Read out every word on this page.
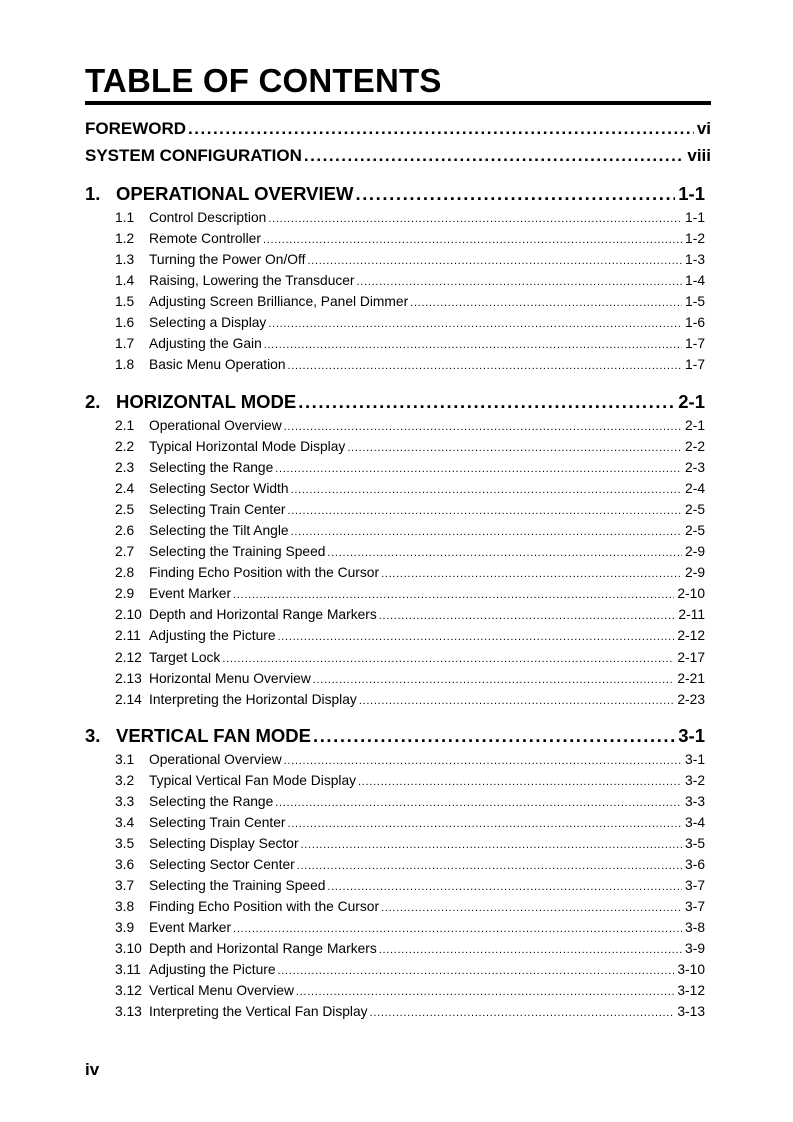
TABLE OF CONTENTS
FOREWORD .....	vi
SYSTEM CONFIGURATION .....	viii
1. OPERATIONAL OVERVIEW .....	1-1
1.1	Control Description .....	1-1
1.2	Remote Controller .....	1-2
1.3	Turning the Power On/Off .....	1-3
1.4	Raising, Lowering the Transducer .....	1-4
1.5	Adjusting Screen Brilliance, Panel Dimmer .....	1-5
1.6	Selecting a Display .....	1-6
1.7	Adjusting the Gain .....	1-7
1.8	Basic Menu Operation .....	1-7
2. HORIZONTAL MODE .....	2-1
2.1	Operational Overview .....	2-1
2.2	Typical Horizontal Mode Display .....	2-2
2.3	Selecting the Range .....	2-3
2.4	Selecting Sector Width .....	2-4
2.5	Selecting Train Center .....	2-5
2.6	Selecting the Tilt Angle .....	2-5
2.7	Selecting the Training Speed .....	2-9
2.8	Finding Echo Position with the Cursor .....	2-9
2.9	Event Marker .....	2-10
2.10 Depth and Horizontal Range Markers .....	2-11
2.11 Adjusting the Picture .....	2-12
2.12 Target Lock .....	2-17
2.13 Horizontal Menu Overview .....	2-21
2.14 Interpreting the Horizontal Display .....	2-23
3. VERTICAL FAN MODE .....	3-1
3.1	Operational Overview .....	3-1
3.2	Typical Vertical Fan Mode Display .....	3-2
3.3	Selecting the Range .....	3-3
3.4	Selecting Train Center .....	3-4
3.5	Selecting Display Sector .....	3-5
3.6	Selecting Sector Center .....	3-6
3.7	Selecting the Training Speed .....	3-7
3.8	Finding Echo Position with the Cursor .....	3-7
3.9	Event Marker .....	3-8
3.10 Depth and Horizontal Range Markers .....	3-9
3.11 Adjusting the Picture .....	3-10
3.12 Vertical Menu Overview .....	3-12
3.13 Interpreting the Vertical Fan Display .....	3-13
iv
